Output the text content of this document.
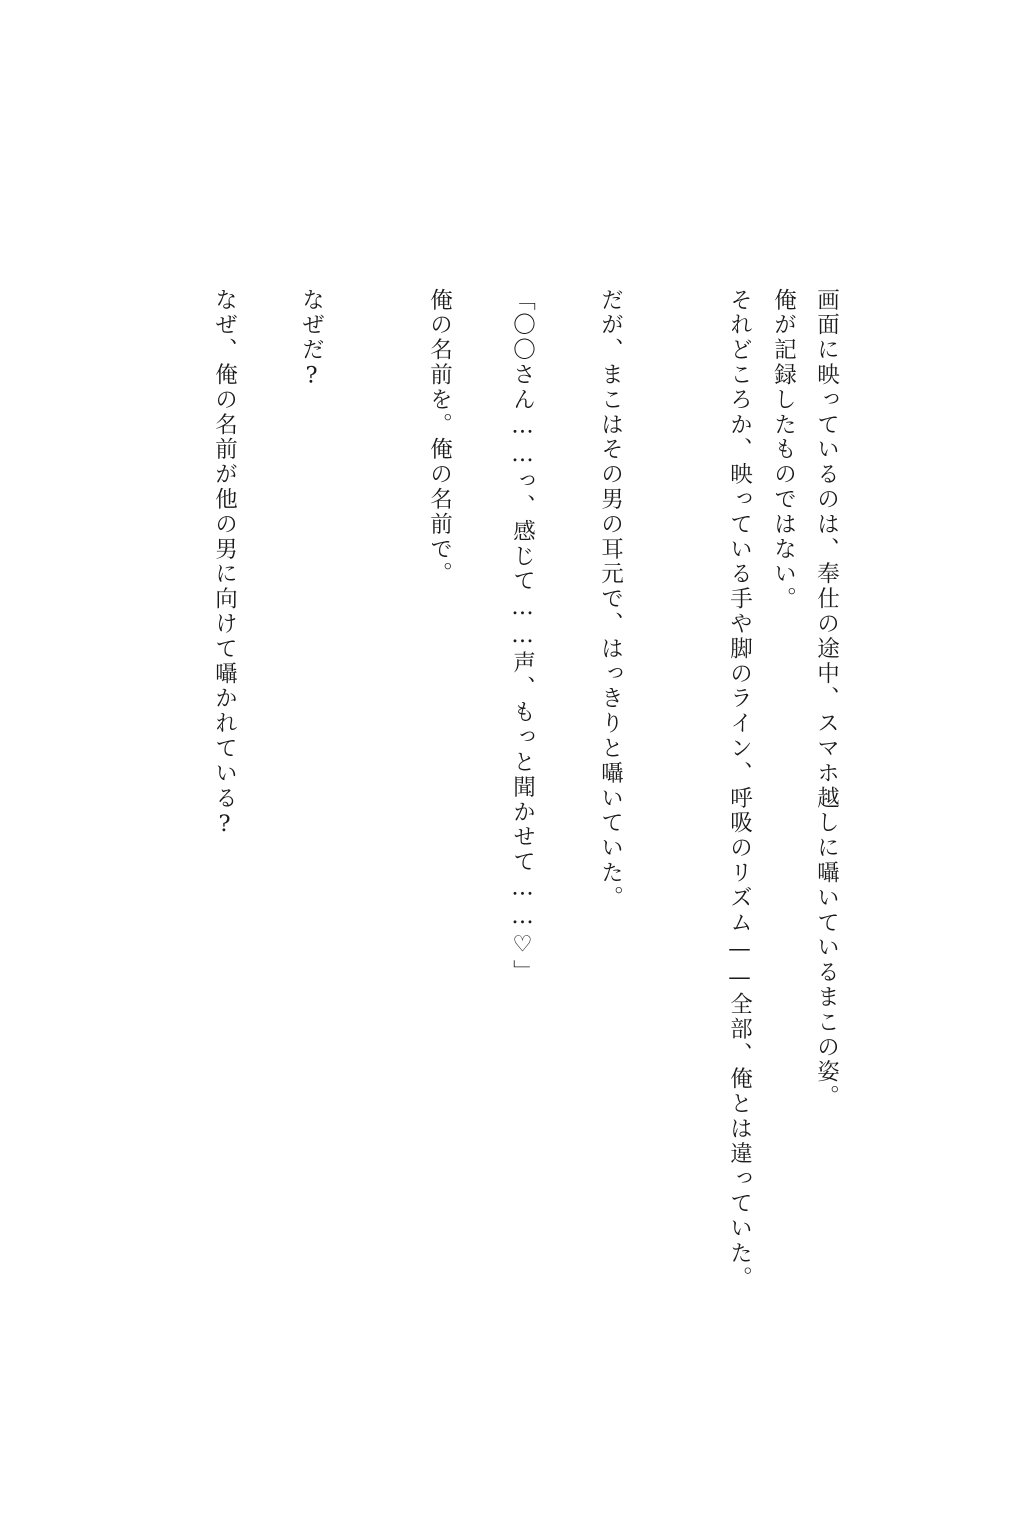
画面に映っているのは、奉仕の途中、スマホ越しに囁いているまこの姿。
俺が記録したものではない。
それどころか、映っている手や脚のライン、呼吸のリズム——全部、俺とは違っていた。
だが、まこはその男の耳元で、はっきりと囁いていた。
「〇〇さん……っ、感じて……声、もっと聞かせて……♡」
俺の名前を。俺の名前で。
なぜだ?
なぜ、俺の名前が他の男に向けて囁かれている?
